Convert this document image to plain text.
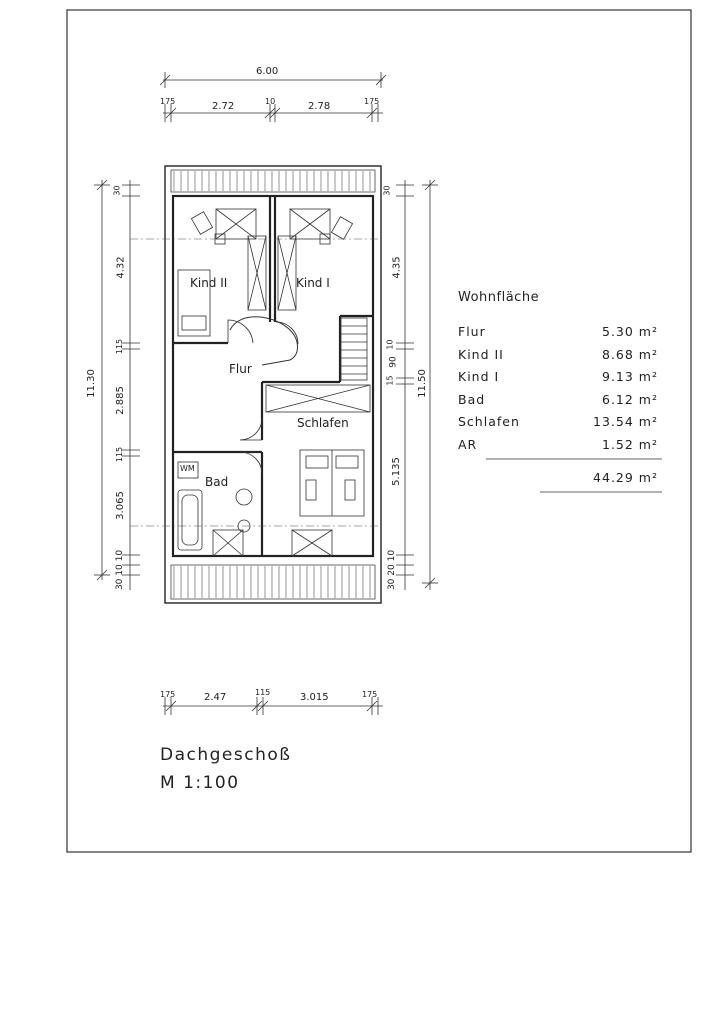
6.00
175	2.72	10	2.78	175
175	2.47	115	3.015	175
11.30
30
4.32
115
2.885
115
3.065
30 10 10
30
4.35
10
90
15
5.135
30 20 10
11.50
Kind II	Kind I
Flur
Schlafen
Bad
WM
Wohnfläche
Flur	5.30 m²
Kind II	8.68 m²
Kind I	9.13 m²
Bad	6.12 m²
Schlafen	13.54 m²
AR	1.52 m²
44.29 m²
Dachgeschoß
M 1:100
